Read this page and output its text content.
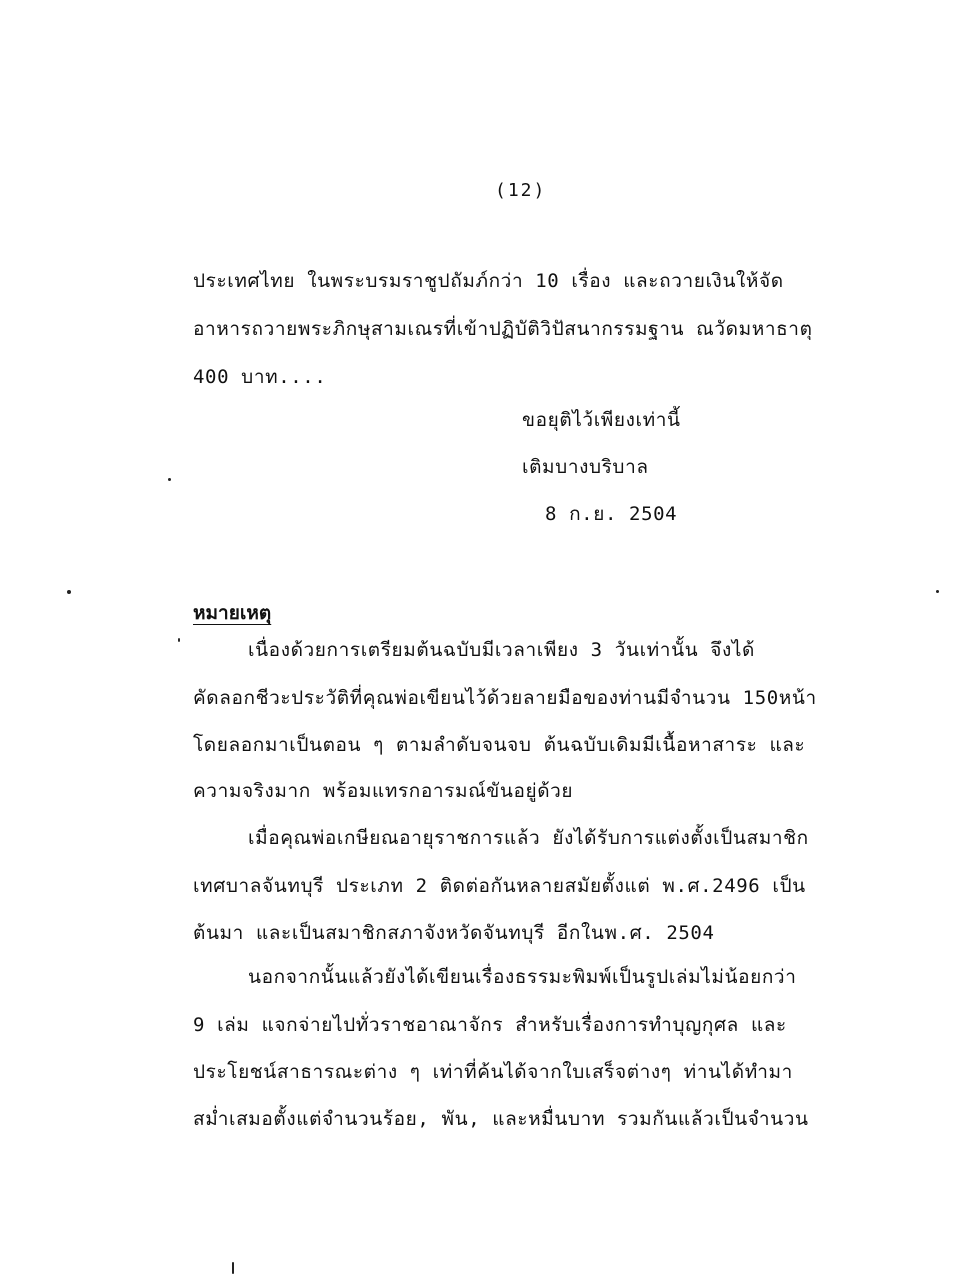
(12)
ประเทศไทย ในพระบรมราชูปถัมภ์กว่า 10 เรื่อง และถวายเงินให้จัด
อาหารถวายพระภิกษุสามเณรที่เข้าปฏิบัติวิปัสนากรรมฐาน ณวัดมหาธาตุ
400 บาท....
ขอยุติไว้เพียงเท่านี้
เติมบางบริบาล
8 ก.ย. 2504
หมายเหตุ
เนื่องด้วยการเตรียมต้นฉบับมีเวลาเพียง 3 วันเท่านั้น จึงได้
คัดลอกชีวะประวัติที่คุณพ่อเขียนไว้ด้วยลายมือของท่านมีจำนวน 150หน้า
โดยลอกมาเป็นตอน ๆ ตามลำดับจนจบ ต้นฉบับเดิมมีเนื้อหาสาระ และ
ความจริงมาก พร้อมแทรกอารมณ์ขันอยู่ด้วย
เมื่อคุณพ่อเกษียณอายุราชการแล้ว ยังได้รับการแต่งตั้งเป็นสมาชิก
เทศบาลจันทบุรี ประเภท 2 ติดต่อกันหลายสมัยตั้งแต่ พ.ศ.2496 เป็น
ต้นมา และเป็นสมาชิกสภาจังหวัดจันทบุรี อีกในพ.ศ. 2504
นอกจากนั้นแล้วยังได้เขียนเรื่องธรรมะพิมพ์เป็นรูปเล่มไม่น้อยกว่า
9 เล่ม แจกจ่ายไปทั่วราชอาณาจักร สำหรับเรื่องการทำบุญกุศล และ
ประโยชน์สาธารณะต่าง ๆ เท่าที่ค้นได้จากใบเสร็จต่างๆ ท่านได้ทำมา
สม่ำเสมอตั้งแต่จำนวนร้อย, พัน, และหมื่นบาท รวมกันแล้วเป็นจำนวน
